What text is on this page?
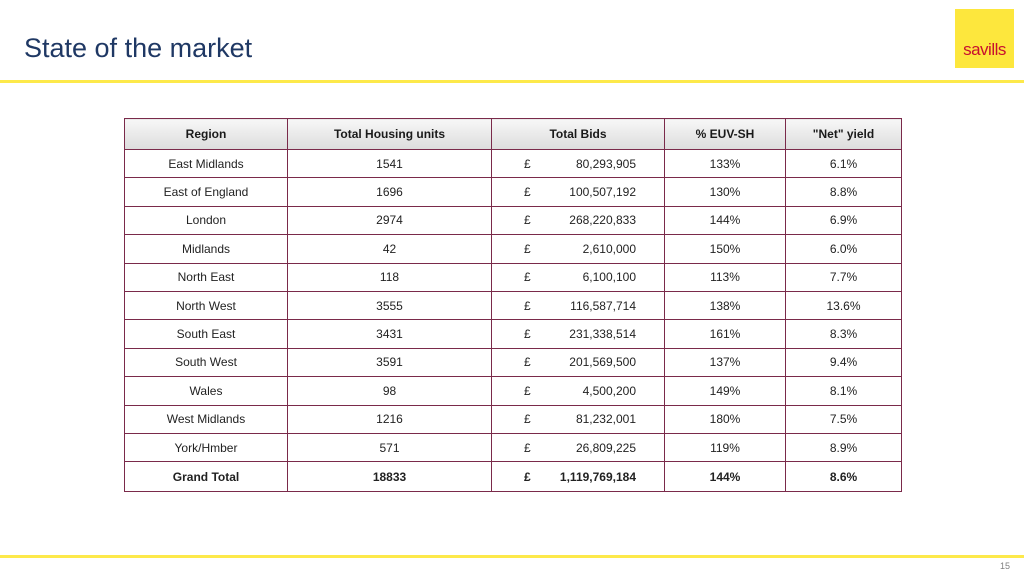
State of the market	savills
Region	Total Housing units	Total Bids	% EUV-SH	"Net" yield
East Midlands	1541	£ 80,293,905	133%	6.1%
East of England	1696	£ 100,507,192	130%	8.8%
London	2974	£ 268,220,833	144%	6.9%
Midlands	42	£ 2,610,000	150%	6.0%
North East	118	£ 6,100,100	113%	7.7%
North West	3555	£ 116,587,714	138%	13.6%
South East	3431	£ 231,338,514	161%	8.3%
South West	3591	£ 201,569,500	137%	9.4%
Wales	98	£ 4,500,200	149%	8.1%
West Midlands	1216	£ 81,232,001	180%	7.5%
York/Hmber	571	£ 26,809,225	119%	8.9%
Grand Total	18833	£ 1,119,769,184	144%	8.6%
15
